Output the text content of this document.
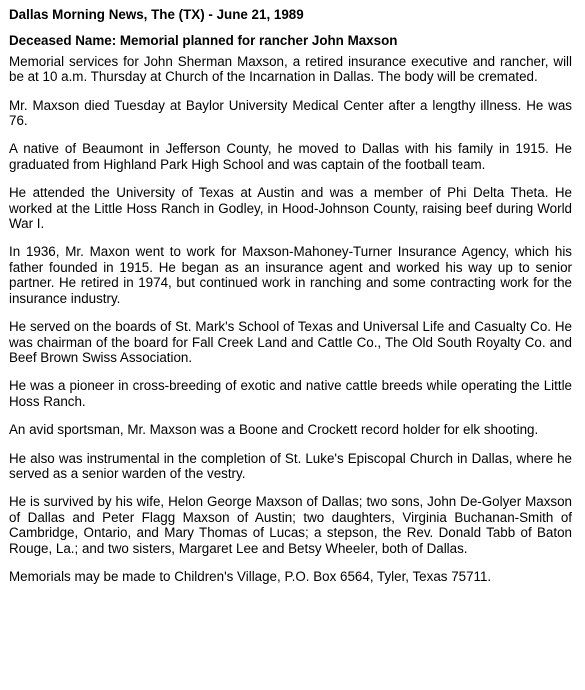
Dallas Morning News, The (TX) - June 21, 1989
Deceased Name: Memorial planned for rancher John Maxson

Memorial services for John Sherman Maxson, a retired insurance executive and rancher, will be at 10 a.m. Thursday at Church of the Incarnation in Dallas. The body will be cremated.

Mr. Maxson died Tuesday at Baylor University Medical Center after a lengthy illness. He was 76.

A native of Beaumont in Jefferson County, he moved to Dallas with his family in 1915. He graduated from Highland Park High School and was captain of the football team.

He attended the University of Texas at Austin and was a member of Phi Delta Theta. He worked at the Little Hoss Ranch in Godley, in Hood-Johnson County, raising beef during World War I.

In 1936, Mr. Maxon went to work for Maxson-Mahoney-Turner Insurance Agency, which his father founded in 1915. He began as an insurance agent and worked his way up to senior partner. He retired in 1974, but continued work in ranching and some contracting work for the insurance industry.

He served on the boards of St. Mark's School of Texas and Universal Life and Casualty Co. He was chairman of the board for Fall Creek Land and Cattle Co., The Old South Royalty Co. and Beef Brown Swiss Association.

He was a pioneer in cross-breeding of exotic and native cattle breeds while operating the Little Hoss Ranch.

An avid sportsman, Mr. Maxson was a Boone and Crockett record holder for elk shooting.

He also was instrumental in the completion of St. Luke's Episcopal Church in Dallas, where he served as a senior warden of the vestry.

He is survived by his wife, Helon George Maxson of Dallas; two sons, John De-Golyer Maxson of Dallas and Peter Flagg Maxson of Austin; two daughters, Virginia Buchanan-Smith of Cambridge, Ontario, and Mary Thomas of Lucas; a stepson, the Rev. Donald Tabb of Baton Rouge, La.; and two sisters, Margaret Lee and Betsy Wheeler, both of Dallas.

Memorials may be made to Children's Village, P.O. Box 6564, Tyler, Texas 75711.
